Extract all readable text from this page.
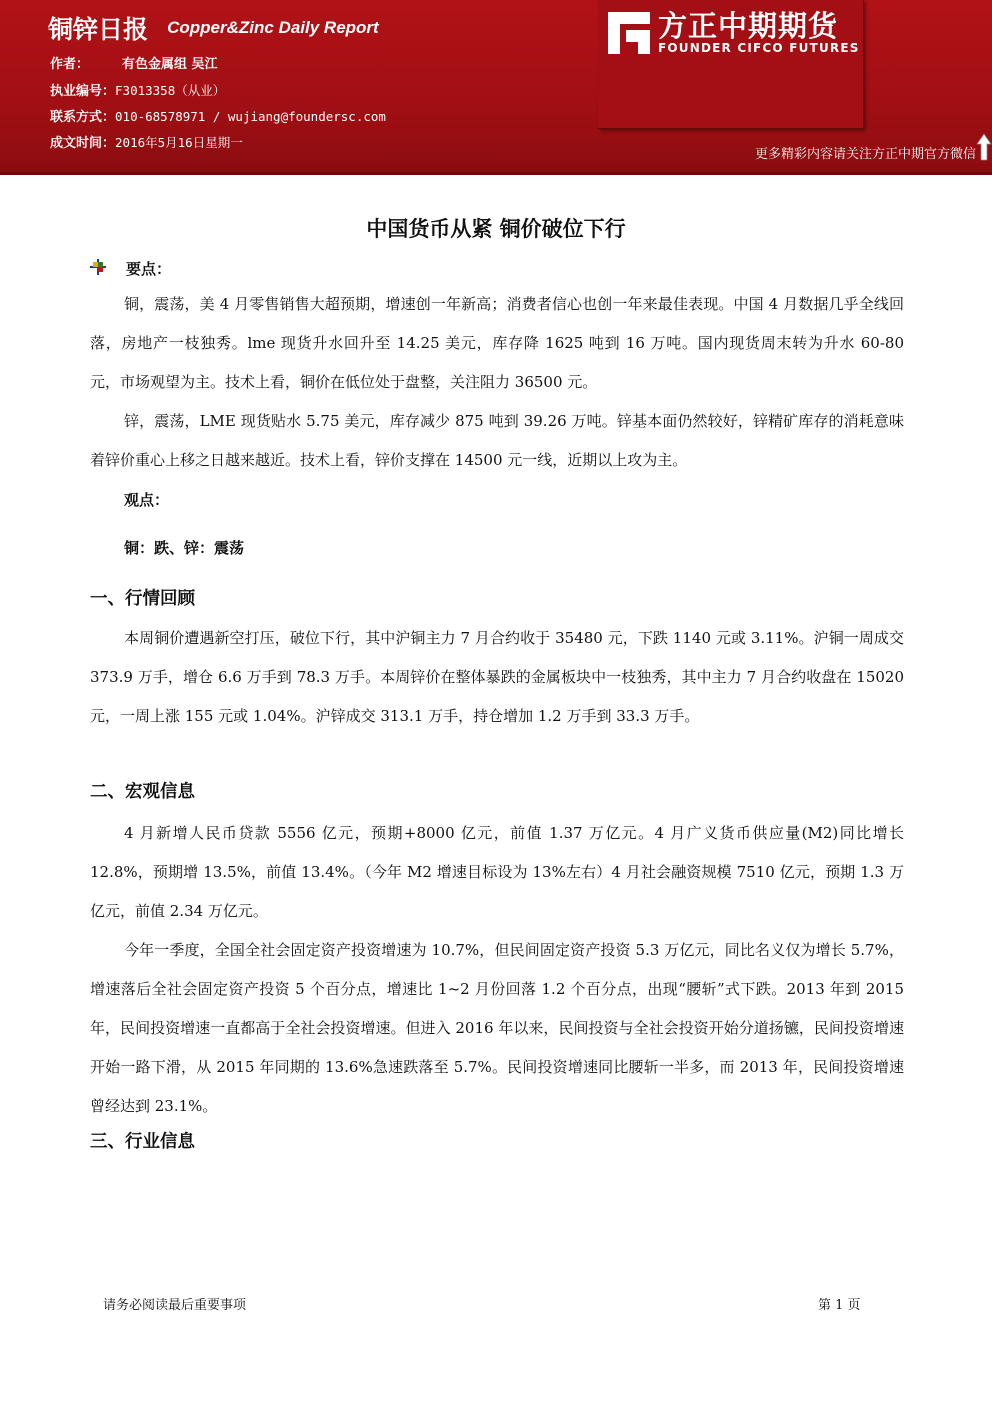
铜锌日报 Copper&Zinc Daily Report
作者：	有色金属组 吴江
执业编号：F3013358（从业）
联系方式：010-68578971 / wujiang@foundersc.com
成文时间：2016年5月16日星期一
方正中期期货
FOUNDER CIFCO FUTURES
更多精彩内容请关注方正中期官方微信
中国货币从紧 铜价破位下行
要点：

铜，震荡，美 4 月零售销售大超预期，增速创一年新高；消费者信心也创一年来最佳表现。中国 4 月数据几乎全线回落，房地产一枝独秀。lme 现货升水回升至 14.25 美元，库存降 1625 吨到 16 万吨。国内现货周末转为升水 60-80 元，市场观望为主。技术上看，铜价在低位处于盘整，关注阻力 36500 元。

锌，震荡，LME 现货贴水 5.75 美元，库存减少 875 吨到 39.26 万吨。锌基本面仍然较好，锌精矿库存的消耗意味着锌价重心上移之日越来越近。技术上看，锌价支撑在 14500 元一线，近期以上攻为主。

观点：
铜：跌、锌：震荡
一、行情回顾

本周铜价遭遇新空打压，破位下行，其中沪铜主力 7 月合约收于 35480 元，下跌 1140 元或 3.11%。沪铜一周成交 373.9 万手，增仓 6.6 万手到 78.3 万手。本周锌价在整体暴跌的金属板块中一枝独秀，其中主力 7 月合约收盘在 15020 元，一周上涨 155 元或 1.04%。沪锌成交 313.1 万手，持仓增加 1.2 万手到 33.3 万手。

二、宏观信息

4 月新增人民币贷款 5556 亿元，预期+8000 亿元，前值 1.37 万亿元。4 月广义货币供应量(M2)同比增长 12.8%，预期增 13.5%，前值 13.4%。（今年 M2 增速目标设为 13%左右）4 月社会融资规模 7510 亿元，预期 1.3 万亿元，前值 2.34 万亿元。

今年一季度，全国全社会固定资产投资增速为 10.7%，但民间固定资产投资 5.3 万亿元，同比名义仅为增长 5.7%，增速落后全社会固定资产投资 5 个百分点，增速比 1~2 月份回落 1.2 个百分点，出现“腰斩”式下跌。2013 年到 2015 年，民间投资增速一直都高于全社会投资增速。但进入 2016 年以来，民间投资与全社会投资开始分道扬镳，民间投资增速开始一路下滑，从 2015 年同期的 13.6%急速跌落至 5.7%。民间投资增速同比腰斩一半多，而 2013 年，民间投资增速曾经达到 23.1%。

三、行业信息
请务必阅读最后重要事项	第 1 页
